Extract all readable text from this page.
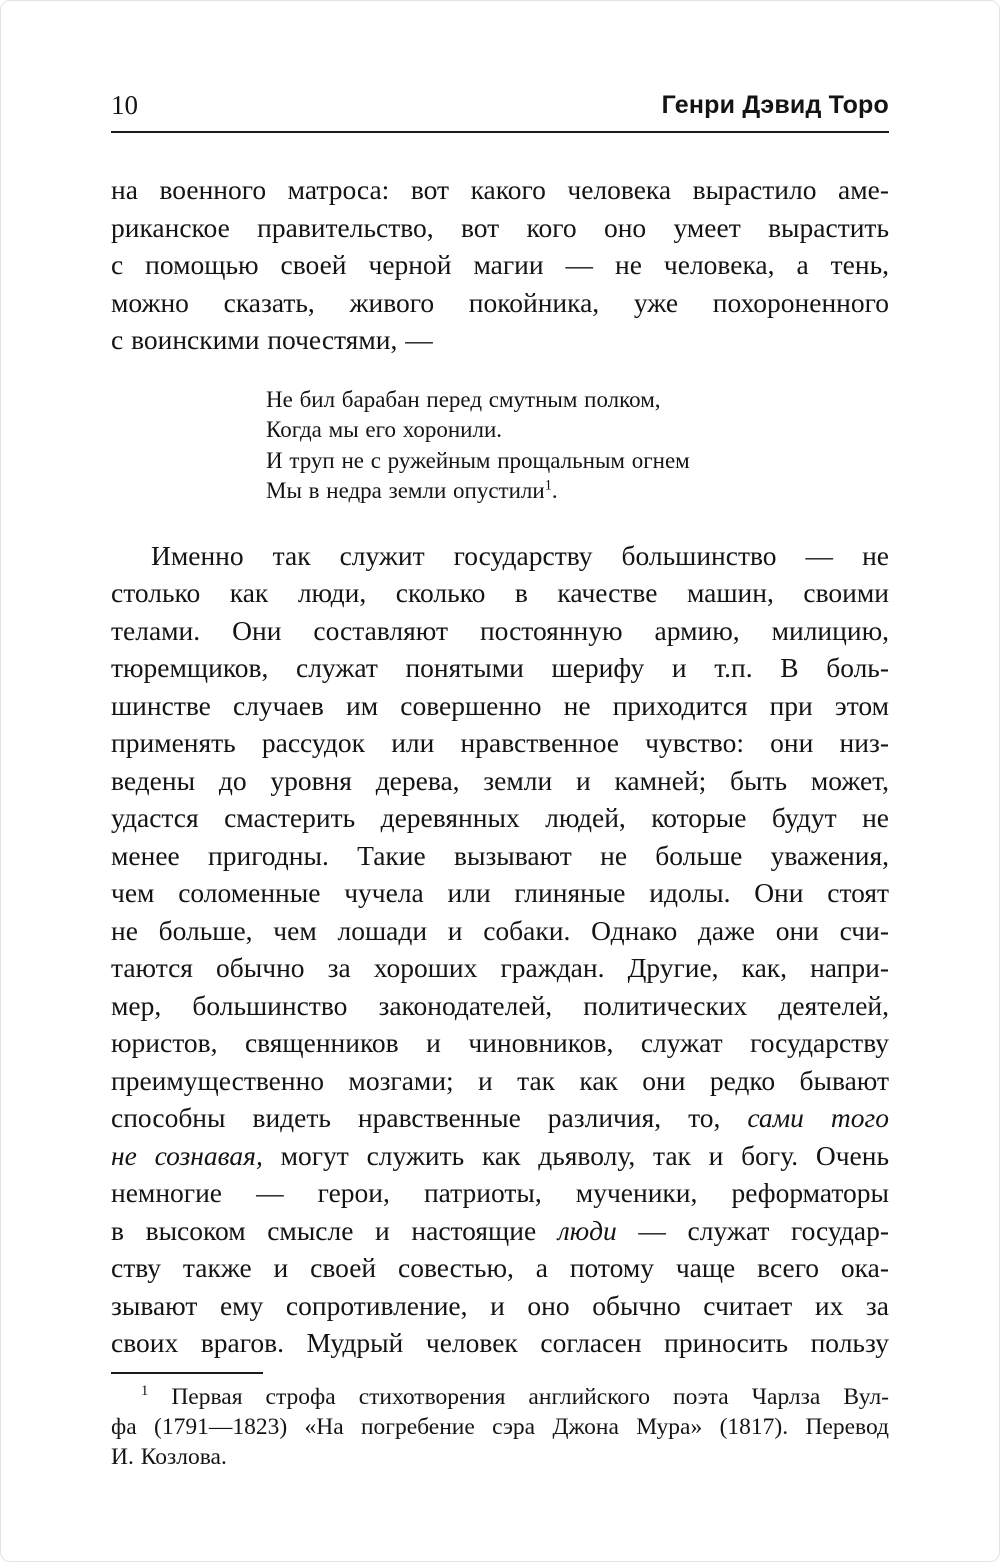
10	Генри Дэвид Торо
на военного матроса: вот какого человека вырастило аме-
риканское правительство, вот кого оно умеет вырастить
с помощью своей черной магии — не человека, а тень,
можно сказать, живого покойника, уже похороненного
с воинскими почестями, —
Не бил барабан перед смутным полком,
Когда мы его хоронили.
И труп не с ружейным прощальным огнем
Мы в недра земли опустили$^1$.
Именно так служит государству большинство — не
столько как люди, сколько в качестве машин, своими
телами. Они составляют постоянную армию, милицию,
тюремщиков, служат понятыми шерифу и т.п. В боль-
шинстве случаев им совершенно не приходится при этом
применять рассудок или нравственное чувство: они низ-
ведены до уровня дерева, земли и камней; быть может,
удастся смастерить деревянных людей, которые будут не
менее пригодны. Такие вызывают не больше уважения,
чем соломенные чучела или глиняные идолы. Они стоят
не больше, чем лошади и собаки. Однако даже они счи-
таются обычно за хороших граждан. Другие, как, напри-
мер, большинство законодателей, политических деятелей,
юристов, священников и чиновников, служат государству
преимущественно мозгами; и так как они редко бывают
способны видеть нравственные различия, то, сами того
не сознавая, могут служить как дьяволу, так и богу. Очень
немногие — герои, патриоты, мученики, реформаторы
в высоком смысле и настоящие люди — служат государ-
ству также и своей совестью, а потому чаще всего ока-
зывают ему сопротивление, и оно обычно считает их за
своих врагов. Мудрый человек согласен приносить пользу
$^1$ Первая строфа стихотворения английского поэта Чарлза Вул-
фа (1791—1823) «На погребение сэра Джона Мура» (1817). Перевод
И. Козлова.
